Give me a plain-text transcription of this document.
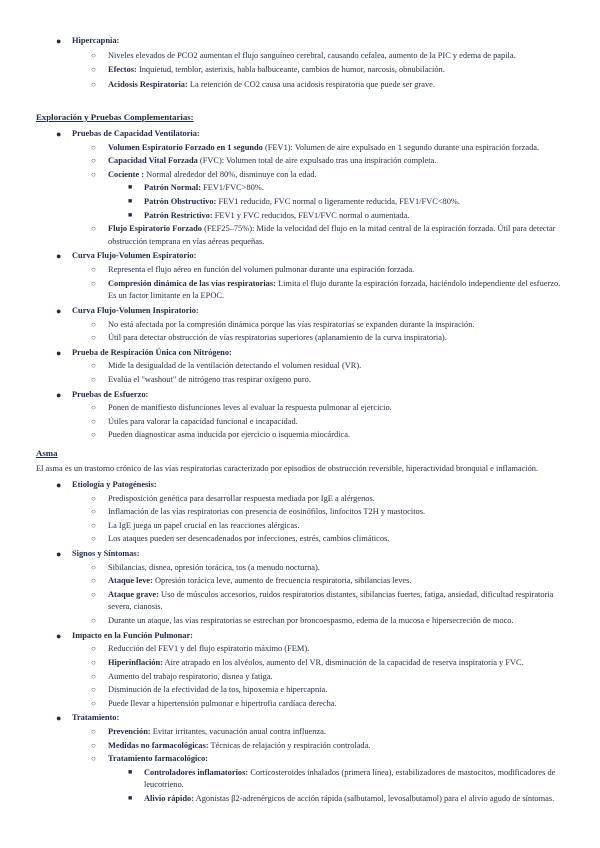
● Hipercapnia:
○ Niveles elevados de PCO2 aumentan el flujo sanguíneo cerebral, causando cefalea, aumento de la PIC y edema de papila.
○ Efectos: Inquietud, temblor, asterixis, habla balbuceante, cambios de humor, narcosis, obnubilación.
○ Acidosis Respiratoria: La retención de CO2 causa una acidosis respiratoria que puede ser grave.
Exploración y Pruebas Complementarias:
● Pruebas de Capacidad Ventilatoria:
○ Volumen Espiratorio Forzado en 1 segundo (FEV1): Volumen de aire expulsado en 1 segundo durante una espiración forzada.
○ Capacidad Vital Forzada (FVC): Volumen total de aire expulsado tras una inspiración completa.
○ Cociente : Normal alrededor del 80%, disminuye con la edad.
■ Patrón Normal: FEV1/FVC>80%.
■ Patrón Obstructivo: FEV1 reducido, FVC normal o ligeramente reducida, FEV1/FVC<80%.
■ Patrón Restrictivo: FEV1 y FVC reducidos, FEV1/FVC normal o aumentada.
○ Flujo Espiratorio Forzado (FEF25–75%): Mide la velocidad del flujo en la mitad central de la espiración forzada. Útil para detectar obstrucción temprana en vías aéreas pequeñas.
● Curva Flujo-Volumen Espiratorio:
○ Representa el flujo aéreo en función del volumen pulmonar durante una espiración forzada.
○ Compresión dinámica de las vías respiratorias: Limita el flujo durante la espiración forzada, haciéndolo independiente del esfuerzo. Es un factor limitante en la EPOC.
● Curva Flujo-Volumen Inspiratorio:
○ No está afectada por la compresión dinámica porque las vías respiratorias se expanden durante la inspiración.
○ Útil para detectar obstrucción de vías respiratorias superiores (aplanamiento de la curva inspiratoria).
● Prueba de Respiración Única con Nitrógeno:
○ Mide la desigualdad de la ventilación detectando el volumen residual (VR).
○ Evalúa el "washout" de nitrógeno tras respirar oxígeno puro.
● Pruebas de Esfuerzo:
○ Ponen de manifiesto disfunciones leves al evaluar la respuesta pulmonar al ejercicio.
○ Útiles para valorar la capacidad funcional e incapacidad.
○ Pueden diagnosticar asma inducida por ejercicio o isquemia miocárdica.
Asma
El asma es un trastorno crónico de las vías respiratorias caracterizado por episodios de obstrucción reversible, hiperactividad bronquial e inflamación.
● Etiología y Patogénesis:
○ Predisposición genética para desarrollar respuesta mediada por IgE a alérgenos.
○ Inflamación de las vías respiratorias con presencia de eosinófilos, linfocitos T2H y mastocitos.
○ La IgE juega un papel crucial en las reacciones alérgicas.
○ Los ataques pueden ser desencadenados por infecciones, estrés, cambios climáticos.
● Signos y Síntomas:
○ Sibilancias, disnea, opresión torácica, tos (a menudo nocturna).
○ Ataque leve: Opresión torácica leve, aumento de frecuencia respiratoria, sibilancias leves.
○ Ataque grave: Uso de músculos accesorios, ruidos respiratorios distantes, sibilancias fuertes, fatiga, ansiedad, dificultad respiratoria severa, cianosis.
○ Durante un ataque, las vías respiratorias se estrechan por broncoespasmo, edema de la mucosa e hipersecreción de moco.
● Impacto en la Función Pulmonar:
○ Reducción del FEV1 y del flujo espiratorio máximo (FEM).
○ Hiperinflación: Aire atrapado en los alvéolos, aumento del VR, disminución de la capacidad de reserva inspiratoria y FVC.
○ Aumento del trabajo respiratorio, disnea y fatiga.
○ Disminución de la efectividad de la tos, hipoxemia e hipercapnia.
○ Puede llevar a hipertensión pulmonar e hipertrofia cardíaca derecha.
● Tratamiento:
○ Prevención: Evitar irritantes, vacunación anual contra influenza.
○ Medidas no farmacológicas: Técnicas de relajación y respiración controlada.
○ Tratamiento farmacológico:
■ Controladores inflamatorios: Corticosteroides inhalados (primera línea), estabilizadores de mastocitos, modificadores de leucotrieno.
■ Alivio rápido: Agonistas β2-adrenérgicos de acción rápida (salbutamol, levosalbutamol) para el alivio agudo de síntomas.
